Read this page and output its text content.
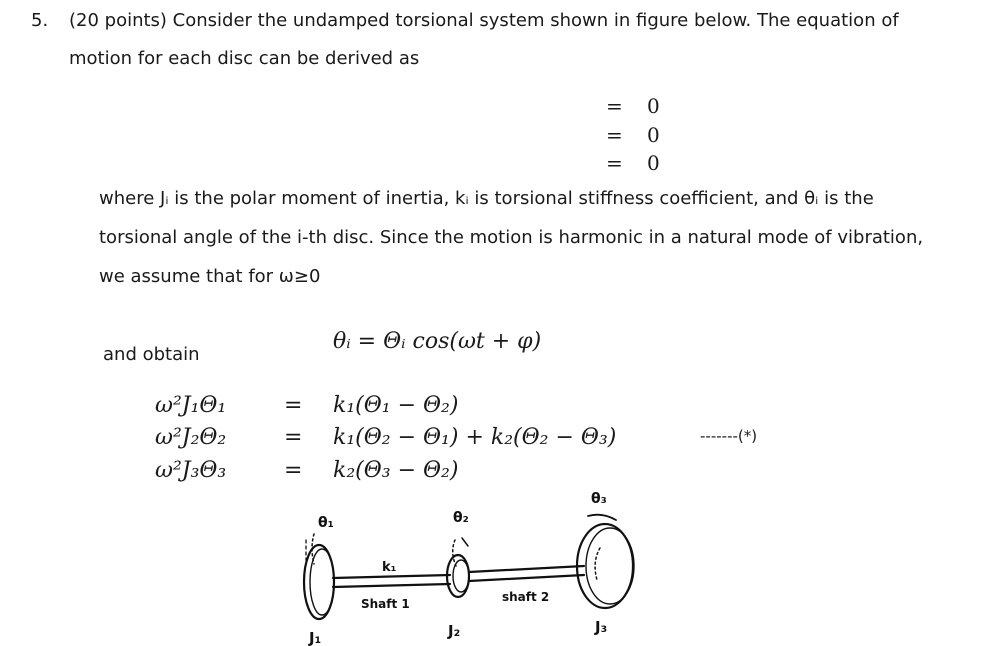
5. (20 points) Consider the undamped torsional system shown in figure below. The equation of
motion for each disc can be derived as
= 0
= 0
= 0
where Jᵢ is the polar moment of inertia, kᵢ is torsional stiffness coefficient, and θᵢ is the
torsional angle of the i-th disc. Since the motion is harmonic in a natural mode of vibration,
we assume that for ω≥0
θᵢ = Θᵢ cos(ωt + φ)
and obtain
ω²J₁Θ₁	= k₁(Θ₁ − Θ₂)
ω²J₂Θ₂	= k₁(Θ₂ − Θ₁) + k₂(Θ₂ − Θ₃)
ω²J₃Θ₃	= k₂(Θ₃ − Θ₂)
-------(*)
θ₁	θ₂
θ₃
k₁
Shaft 1	shaft 2
J₁	J₂	J₃
